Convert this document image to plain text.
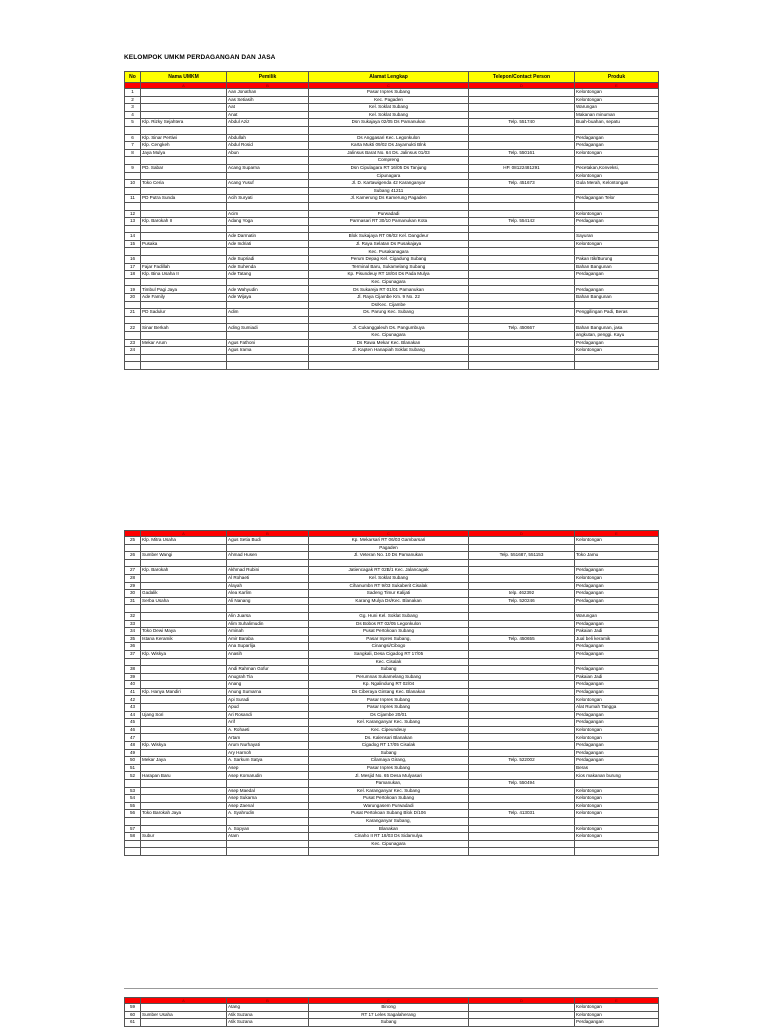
KELOMPOK UMKM PERDAGANGAN DAN JASA
No	Nama UMKM	Pemilik	Alamat Lengkap	Telepon/Contact Person	Produk
	A	B	C	D	E
1		Aan Jonathan	Pasar Inpres Subang		Kelontongan
2		Aas Setiasih	Kec. Pagaden		Kelontongan
3		Aat	Kel. Soklat Subang		Warungan
4		Anat	Kel. Soklat Subang		Makanan minuman
5	Klp. Rizky Sejahtera	Abdul Aziz	Dsn Sukajaya 02/05 Ds Pamanukan	Telp. 551740	Buah-buahan, sepatu

6	Klp. Sinar Pertiwi	Abdullah	Ds Anggasari Kec. Legonkulon		Perdagangan
7	Klp. Cengkeh	Abdul Rosid	Karta Mukti 09/02 Ds Jayamukti Blnk		Perdagangan
8	Jaya Mulya	Abun	Jalinsus Barat No. 64 Ds. Jalinsus 01/03	Telp. 550161	Kelontongan
			Compreng		
9	PD. Sabar	Acang Suparna	Dsn Cipulagara RT 16/05 Ds Tanjung	HP. 08122481291	Pecetakan,Konveksi,
			Cipunagara		Kelontongan
10	Toko Ceria	Acang Yusuf	Jl. D. Kartawigenda 42 Karanganyar	Telp. 451673	Gula Merah, Kelontongan
			Subang 41211		
11	PD Putra Sunda	Acih Suryati	Jl. Kamerung Ds Kamerung Pagaden		Perdagangan Telor

12		Acim	Purwadadi		Kelontongan
13	Klp. Barokah II	Adang Yoga	Parmasari RT 30/10 Pamanukan Kota	Telp. 554142	Perdagangan

14		Ade Darmatin	Blok Sukajaya RT 06/02 Kel. Dangdeur		Sayuran
15	Pusaka	Ade Indriati	Jl. Raya Selatan Ds Pusakajaya		Kelontongan
			Kec. Pusakanagara		
16		Ade Supriadi	Perum Depag Kel. Cigadung Subang		Pakan Itik/Burung
17	Fajar Fadillah	Ade Suhenda	Terminal Baru, Sukamelang Subang		Bahan Bangunan
18	Klp. Bina Usaha II	Ade Tatang	Kp. Pisundeuy RT 18/04 Ds Pada Mulya		Perdagangan
			Kec. Cipunagara		
19	Timbul Pagi Jaya	Ade Wahyudin	Ds Sukareja RT 01/01 Pamanukan		Perdagangan
20	Ade Family	Ade Wijaya	Jl. Raya Cijambe Km. 9 No. 22		Bahan Bangunan
			Ds/Kec. Cijambe		
21	PD Sadulur	Adim	Ds. Parung Kec. Subang		Penggilingan Padi, Beras

22	Sinar Berkah	Ading Sumiadi	Jl. Cukanggaleuh Ds. Pangumbuya	Telp. 450667	Bahan Bangunan, jasa
			Kec. Cipunagara		angkutan, penggi. Kayu
23	Mekar Arum	Agus Fathoni	Ds Rawa Mekar Kec. Blanakan		Perdagangan
24		Agus Irama	Jl. Kapten Hanapiah Soklat Subang		Kelontongan

	A	B	C	D	E
25	Klp. Mitra Usaha	Agus Setia Budi	Kp. Mekarsari RT 06/03 Gambarsari		Kelontongan
			Pagaden		
26	Sumber Wangi	Ahmad Husen	Jl. Veteran No. 10 Ds Pamanukan	Telp. 551687, 551153	Toko Jamu

27	Klp. Barokah	Akhmad Rubini	Jatiencagak RT 02B/1 Kec. Jalancagak		Perdagangan
28		Al Rohaeti	Kel. Soklat Subang		Kelontongan
29		Alayah	Cihanumbn RT 9/03 Sukaberit Cisalak		Perdagangan
30	Gadalik	Alea Karlim	Sadeng Timur Kalijati	telp. 462392	Perdagangan
31	Serba Usaha	Ali Nanang	Karang Mulya Ds/Kec. Blanakan	Telp. 520246	Perdagangan

32		Alin Juarsa	Gg. Huni Kel. Soklat Subang		Warungan
33		Alim Suhalimudin	Ds Bobos RT 02/05 Legonkulon		Perdagangan
34	Toko Dewi Maya	Aminah	Pusat Pertokoan Subang		Pakaian Jadi
35	Istana Keramik	Amir Baraba	Pasar Inpres Subang,	Telp. 450655	Jual beli keramik
36		Ana Suparlija	Cinangsi/Cibogo		Perdagangan
37	Klp. Wiskya	Anasih	Sangkali, Desa Cigadog RT 17/05		Perdagangan
			Kec. Cisalak		
38		Andi Rahman Gofur	Subang		Perdagangan
39		Anugrah Tia	Perumnas Sukamelang Subang		Pakaian Jadi
40		Anang	Kp. Ngalindung RT 02/04		Perdagangan
41	Klp. Hanya Mandiri	Anung Sumarna	Ds Ciberaya Gintang Kec. Blanakan		Perdagangan
42		Api Suradi	Pasar Inpres Subang		Kelontongan
43		Apud	Pasar Inpres Subang		Alat Rumah Tangga
44	Ujang Sori	Ari Rosandi	Ds Cijambe 20/01		Perdagangan
45		Arif	Kel. Karanganyar Kec. Subang		Perdagangan
46		A. Rohaeti	Kec. Cipeundeuy		Kelontongan
47		Artam	Ds. Kalensari Blanakan		Kelontongan
48	Klp. Wiskya	Arum Nurhayati	Cigadog RT 17/05 Cisalak		Perdagangan
49		Ary Harnoh	Subang		Perdagangan
50	Mekar Jaya	A. Sarkum Satya	Cilamaya Girang,	Telp. 522002	Perdagangan
51		Asep	Pasar Inpres Subang		Beras
52	Harapan Baru	Asep Komarudin	Jl. Mesjid No. 65 Desa Mulyasari		Kios makanan burung
			Pamanukan,	Telp. 550494	
53		Asep Maedal	Kel. Karanganyar Kec. Subang		Kelontongan
54		Asep Sukarna	Pusat Pertokoan Subang		Kelontongan
55		Asep Zaenal	Warungasem Purwadadi		Kelontongan
56	Toko Barokah Jaya	A. Syahrudin	Pusat Pertokoan Subang Blok D/106	Telp. 413031	Kelontongan
			Karanganyar Subang,		
57		A. Sopyan	Blanakan		Kelontongan
58	Subur	Atam	Cinaho II RT 18/03 Ds Sidamulya		Kelontongan
			Kec. Cipunagara		

	A	B	C	D	E
59		Atang	Binong		Kelontongan
60	Sumber Usaha	Atik Suzana	RT 17 Leles Sagalaherang		Kelontongan
61		Atik Suzana	Subang		Perdagangan
